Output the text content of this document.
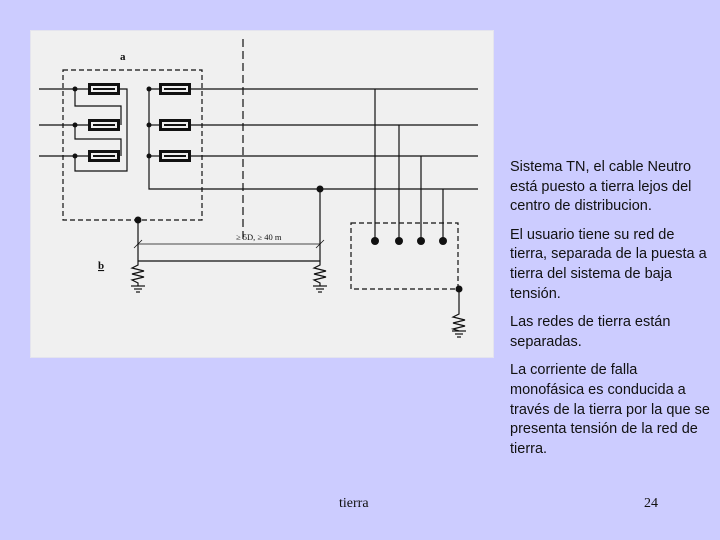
a
b
≥ 5D, ≥ 40 m

Sistema TN, el cable Neutro está puesto a tierra lejos del centro de distribucion.

El usuario tiene su red de tierra, separada de la puesta a tierra del sistema de baja tensión.

Las redes de tierra están separadas.

La corriente de falla monofásica es conducida a través de la tierra por la que se presenta tensión de la red de tierra.

tierra	24
